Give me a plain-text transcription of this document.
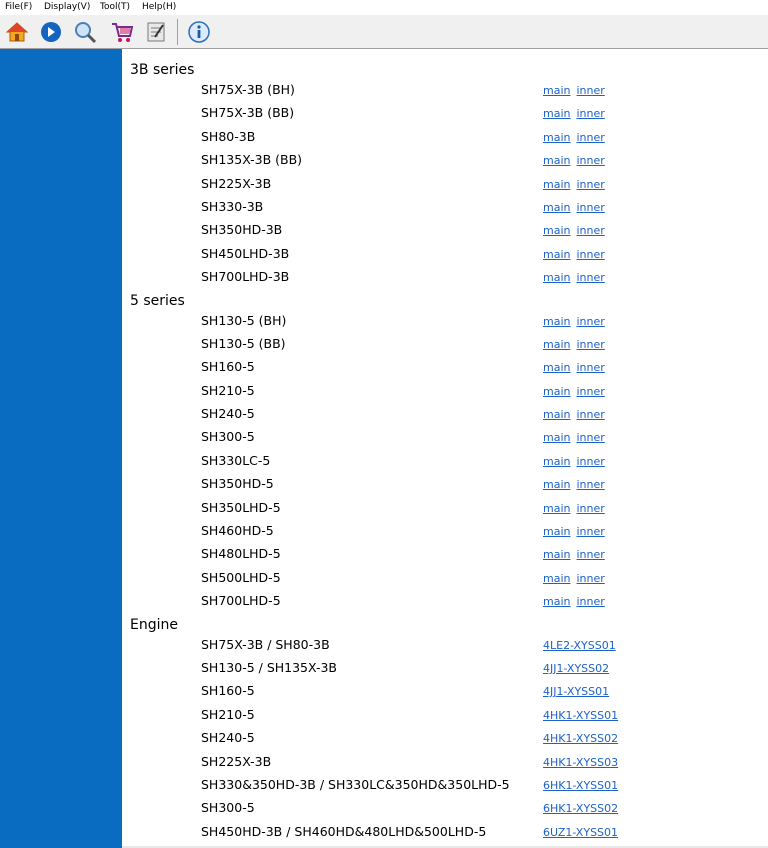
File(F) Display(V) Tool(T) Help(H)
3B series
SH75X-3B (BH)	main inner
SH75X-3B (BB)	main inner
SH80-3B	main inner
SH135X-3B (BB)	main inner
SH225X-3B	main inner
SH330-3B	main inner
SH350HD-3B	main inner
SH450LHD-3B	main inner
SH700LHD-3B	main inner
5 series
SH130-5 (BH)	main inner
SH130-5 (BB)	main inner
SH160-5	main inner
SH210-5	main inner
SH240-5	main inner
SH300-5	main inner
SH330LC-5	main inner
SH350HD-5	main inner
SH350LHD-5	main inner
SH460HD-5	main inner
SH480LHD-5	main inner
SH500LHD-5	main inner
SH700LHD-5	main inner
Engine
SH75X-3B / SH80-3B	4LE2-XYSS01
SH130-5 / SH135X-3B	4JJ1-XYSS02
SH160-5	4JJ1-XYSS01
SH210-5	4HK1-XYSS01
SH240-5	4HK1-XYSS02
SH225X-3B	4HK1-XYSS03
SH330&350HD-3B / SH330LC&350HD&350LHD-5	6HK1-XYSS01
SH300-5	6HK1-XYSS02
SH450HD-3B / SH460HD&480LHD&500LHD-5	6UZ1-XYSS01
